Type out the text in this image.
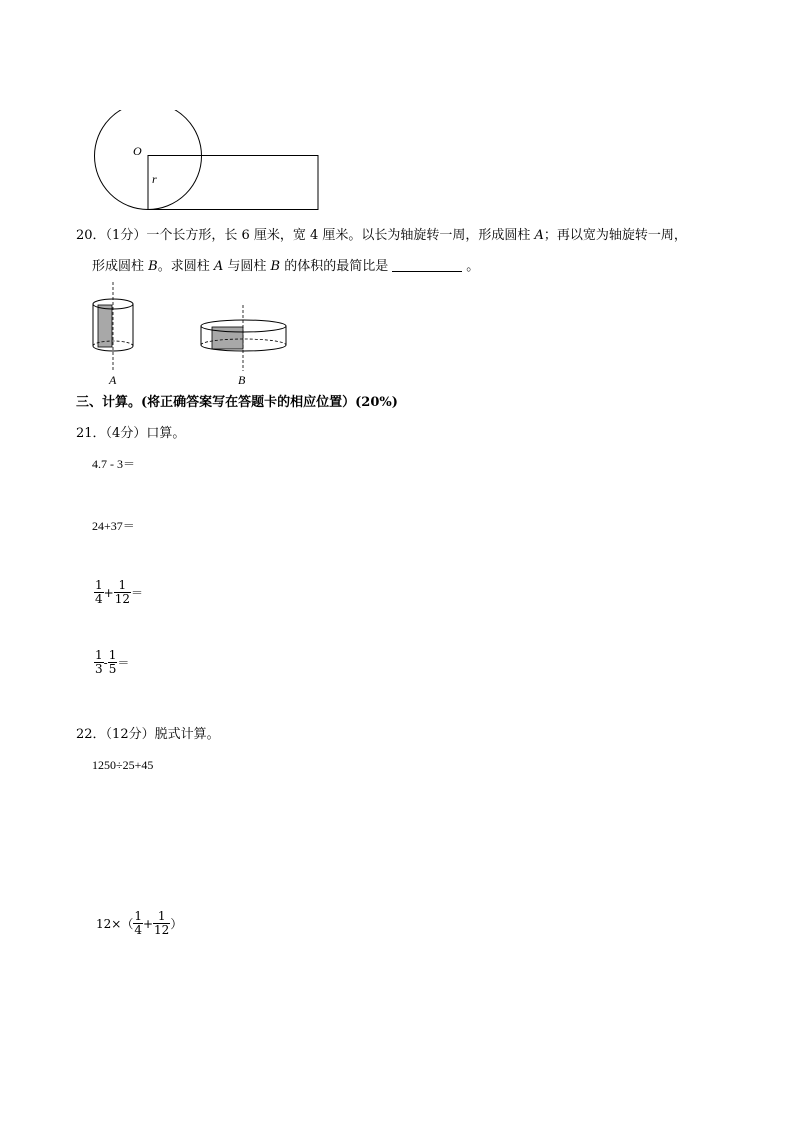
O
r
20．（1分）一个长方形，长 6 厘米，宽 4 厘米。以长为轴旋转一周，形成圆柱 A；再以宽为轴旋转一周，
形成圆柱 B。求圆柱 A 与圆柱 B 的体积的最简比是	。
A	B
三、计算。(将正确答案写在答题卡的相应位置）(20%)
21．（4分）口算。
4.7 - 3＝
24+37＝
$\frac{1}{4} + \frac{1}{12}$ ＝
$\frac{1}{3} - \frac{1}{5}$ ＝
22．（12分）脱式计算。
1250÷25+45
$12\times( \frac{1}{4} + \frac{1}{12}$ ）
